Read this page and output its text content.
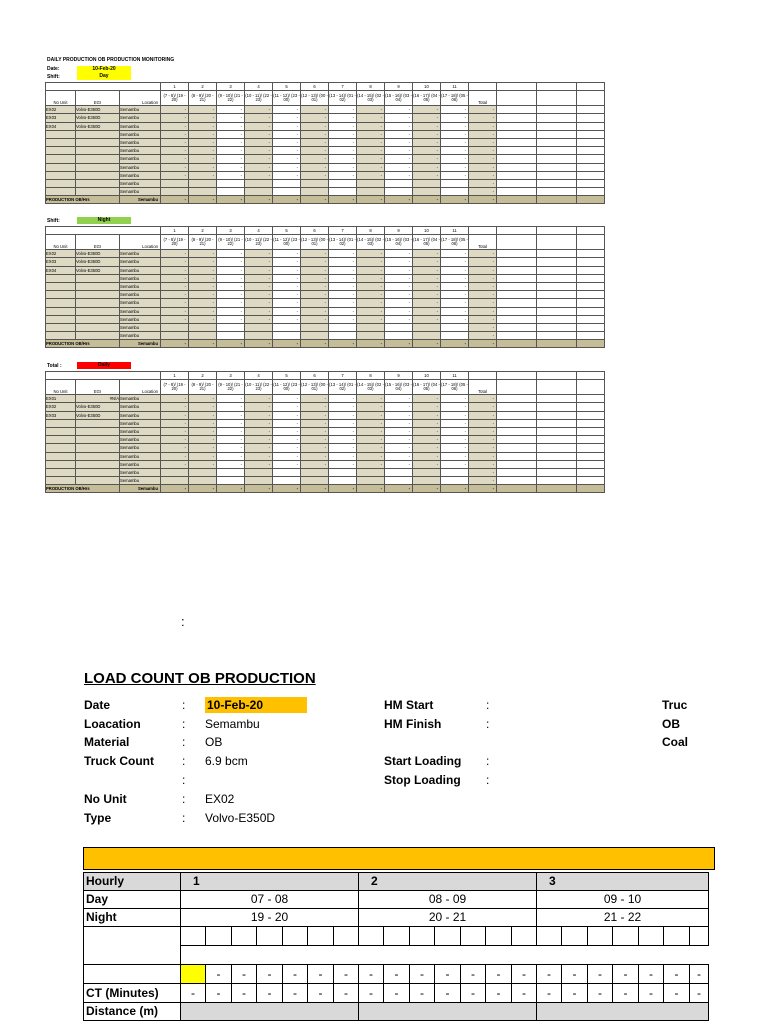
DAILY PRODUCTION OB PRODUCTION MONITORING
Date:	10-Feb-20
Shift:	Day
			1	2	3	4	5	6	7	8	9	10	11				
No Unit	EGI	Location	(7 - 8)/ (19 - 20)	(8 - 9)/ (20 - 21)	(9 - 10)/ (21 - 22)	(10 - 11)/ (22 - 23)	(11 - 12)/ (23 - 00)	(12 - 13)/ (00 - 01)	(13 - 14)/ (01 - 02)	(14 - 15)/ (02 - 03)	(15 - 16)/ (03 - 04)	(16 - 17)/ (04 - 05)	(17 - 18)/ (05 - 06)	Total			
EX02	Volvo-E350D	Semambu	-	-	-	-	-	-	-	-	-	-	-	-			
EX03	Volvo-E350D	Semambu	-	-	-	-	-	-	-	-	-	-	-	-			
EX04	Volvo-E350D	Semambu	-	-	-	-	-	-	-	-	-	-	-	-			
		Semambu	-	-	-	-	-	-	-	-	-	-	-	-			
		Semambu	-	-	-	-	-	-	-	-	-	-	-	-			
		Semambu	-	-	-	-	-	-	-	-	-	-	-	-			
		Semambu	-	-	-	-	-	-	-	-	-	-	-	-			
		Semambu	-	-	-	-	-	-	-	-	-	-	-	-			
		Semambu	-	-	-	-	-	-	-	-	-	-	-	-			
		Semambu												-			
		Semambu												-			
PRODUCTION OB/Hrs		Semambu	-	-	-	-	-	-	-	-	-	-	-	-			
Shift:	Night
			1	2	3	4	5	6	7	8	9	10	11				
No Unit	EGI	Location	(7 - 8)/ (19 - 20)	(8 - 9)/ (20 - 21)	(9 - 10)/ (21 - 22)	(10 - 11)/ (22 - 23)	(11 - 12)/ (23 - 00)	(12 - 13)/ (00 - 01)	(13 - 14)/ (01 - 02)	(14 - 15)/ (02 - 03)	(15 - 16)/ (03 - 04)	(16 - 17)/ (04 - 05)	(17 - 18)/ (05 - 06)	Total			
EX02	Volvo-E350D	Semambu	-	-	-	-	-	-	-	-	-	-	-	-			
EX03	Volvo-E350D	Semambu	-	-	-	-	-	-	-	-	-	-	-	-			
EX04	Volvo-E350D	Semambu	-	-	-	-	-	-	-	-	-	-	-	-			
		Semambu	-	-	-	-	-	-	-	-	-	-	-	-			
		Semambu	-	-	-	-	-	-	-	-	-	-	-	-			
		Semambu	-	-	-	-	-	-	-	-	-	-	-	-			
		Semambu	-	-	-	-	-	-	-	-	-	-	-	-			
		Semambu	-	-	-	-	-	-	-	-	-	-	-	-			
		Semambu	-	-	-	-	-	-	-	-	-	-	-	-			
		Semambu												-			
		Semambu												-			
PRODUCTION OB/Hrs		Semambu	-	-	-	-	-	-	-	-	-	-	-	-			
Total :	Daily
			1	2	3	4	5	6	7	8	9	10	11				
No Unit	EGI	Location	(7 - 8)/ (19 - 20)	(8 - 9)/ (20 - 21)	(9 - 10)/ (21 - 22)	(10 - 11)/ (22 - 23)	(11 - 12)/ (23 - 00)	(12 - 13)/ (00 - 01)	(13 - 14)/ (01 - 02)	(14 - 15)/ (02 - 03)	(15 - 16)/ (03 - 04)	(16 - 17)/ (04 - 05)	(17 - 18)/ (05 - 06)	Total			
EX01	#N/A	Semambu	-	-	-	-	-	-	-	-	-	-	-	-			
EX02	Volvo-E350D	Semambu	-	-	-	-	-	-	-	-	-	-	-	-			
EX03	Volvo-E350D	Semambu	-	-	-	-	-	-	-	-	-	-	-	-			
		Semambu	-	-	-	-	-	-	-	-	-	-	-	-			
		Semambu	-	-	-	-	-	-	-	-	-	-	-	-			
		Semambu	-	-	-	-	-	-	-	-	-	-	-	-			
		Semambu	-	-	-	-	-	-	-	-	-	-	-	-			
		Semambu	-	-	-	-	-	-	-	-	-	-	-	-			
		Semambu	-	-	-	-	-	-	-	-	-	-	-	-			
		Semambu												-			
		Semambu												-			
PRODUCTION OB/Hrs		Semambu	-	-	-	-	-	-	-	-	-	-	-	-			
:
LOAD COUNT OB PRODUCTION
Date	: 10-Feb-20
Loacation	: Semambu
Material	: OB
Truck Count : 6.9 bcm
:
No Unit	: EX02
Type	: Volvo-E350D
HM Start	:
HM Finish	:
Start Loading :
Stop Loading :
Truc
OB
Coal
Hourly	1							2							3						
Day	07 - 08							08 - 09							09 - 10						
Night	19 - 20							20 - 21							21 - 22						

		-	-	-	-	-	-	-	-	-	-	-	-	-	-	-	-	-	-	-	-
CT (Minutes)	-	-	-	-	-	-	-	-	-	-	-	-	-	-	-	-	-	-	-	-	-
Distance (m)																					
